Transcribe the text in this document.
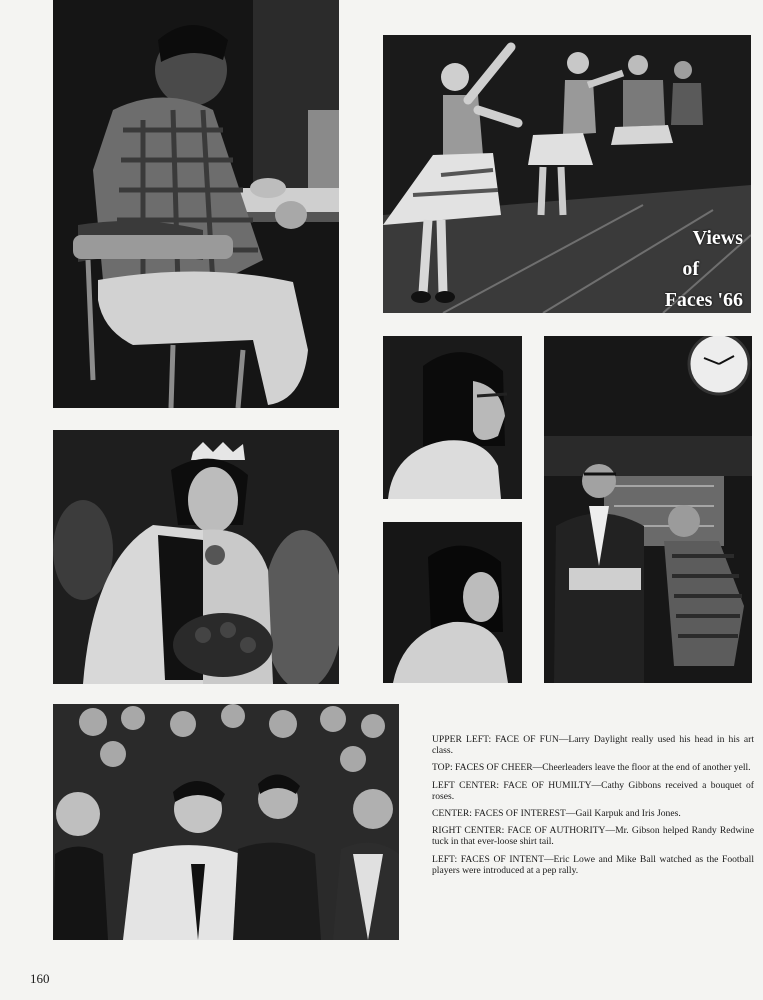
Views
of
Faces '66

UPPER LEFT: FACE OF FUN—Larry Daylight really used his head in his art class.

TOP: FACES OF CHEER—Cheerleaders leave the floor at the end of another yell.

LEFT CENTER: FACE OF HUMILTY—Cathy Gibbons received a bouquet of roses.

CENTER: FACES OF INTEREST—Gail Karpuk and Iris Jones.

RIGHT CENTER: FACE OF AUTHORITY—Mr. Gibson helped Randy Redwine tuck in that ever-loose shirt tail.

LEFT: FACES OF INTENT—Eric Lowe and Mike Ball watched as the Football players were introduced at a pep rally.

160
